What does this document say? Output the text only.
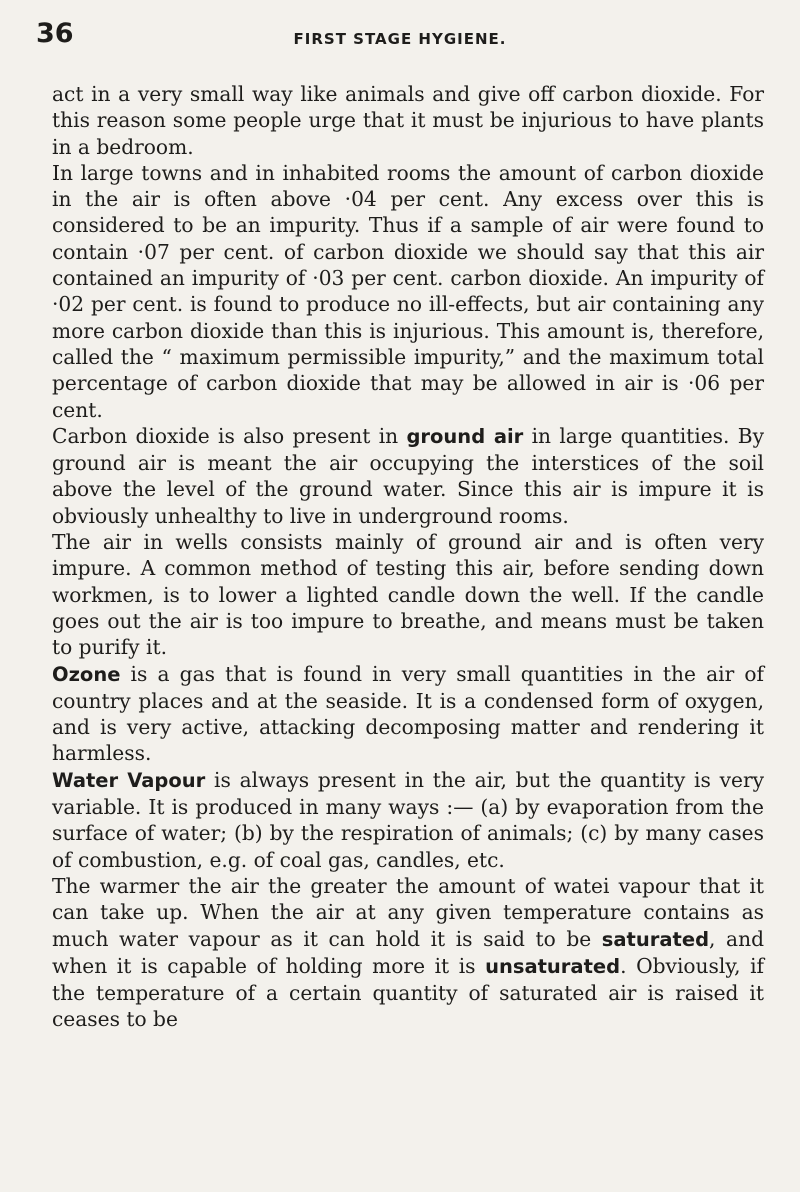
36	FIRST STAGE HYGIENE.

act in a very small way like animals and give off carbon dioxide. For this reason some people urge that it must be injurious to have plants in a bedroom.

In large towns and in inhabited rooms the amount of carbon dioxide in the air is often above ·04 per cent. Any excess over this is considered to be an impurity. Thus if a sample of air were found to contain ·07 per cent. of carbon dioxide we should say that this air contained an impurity of ·03 per cent. carbon dioxide. An impurity of ·02 per cent. is found to produce no ill-effects, but air containing any more carbon dioxide than this is injurious. This amount is, therefore, called the “ maximum permissible impurity,” and the maximum total percentage of carbon dioxide that may be allowed in air is ·06 per cent.

Carbon dioxide is also present in ground air in large quantities. By ground air is meant the air occupying the interstices of the soil above the level of the ground water. Since this air is impure it is obviously unhealthy to live in underground rooms.

The air in wells consists mainly of ground air and is often very impure. A common method of testing this air, before sending down workmen, is to lower a lighted candle down the well. If the candle goes out the air is too impure to breathe, and means must be taken to purify it.

Ozone is a gas that is found in very small quantities in the air of country places and at the seaside. It is a condensed form of oxygen, and is very active, attacking decomposing matter and rendering it harmless.

Water Vapour is always present in the air, but the quantity is very variable. It is produced in many ways :— (a) by evaporation from the surface of water; (b) by the respiration of animals; (c) by many cases of combustion, e.g. of coal gas, candles, etc.

The warmer the air the greater the amount of watei vapour that it can take up. When the air at any given temperature contains as much water vapour as it can hold it is said to be saturated, and when it is capable of holding more it is unsaturated. Obviously, if the temperature of a certain quantity of saturated air is raised it ceases to be
